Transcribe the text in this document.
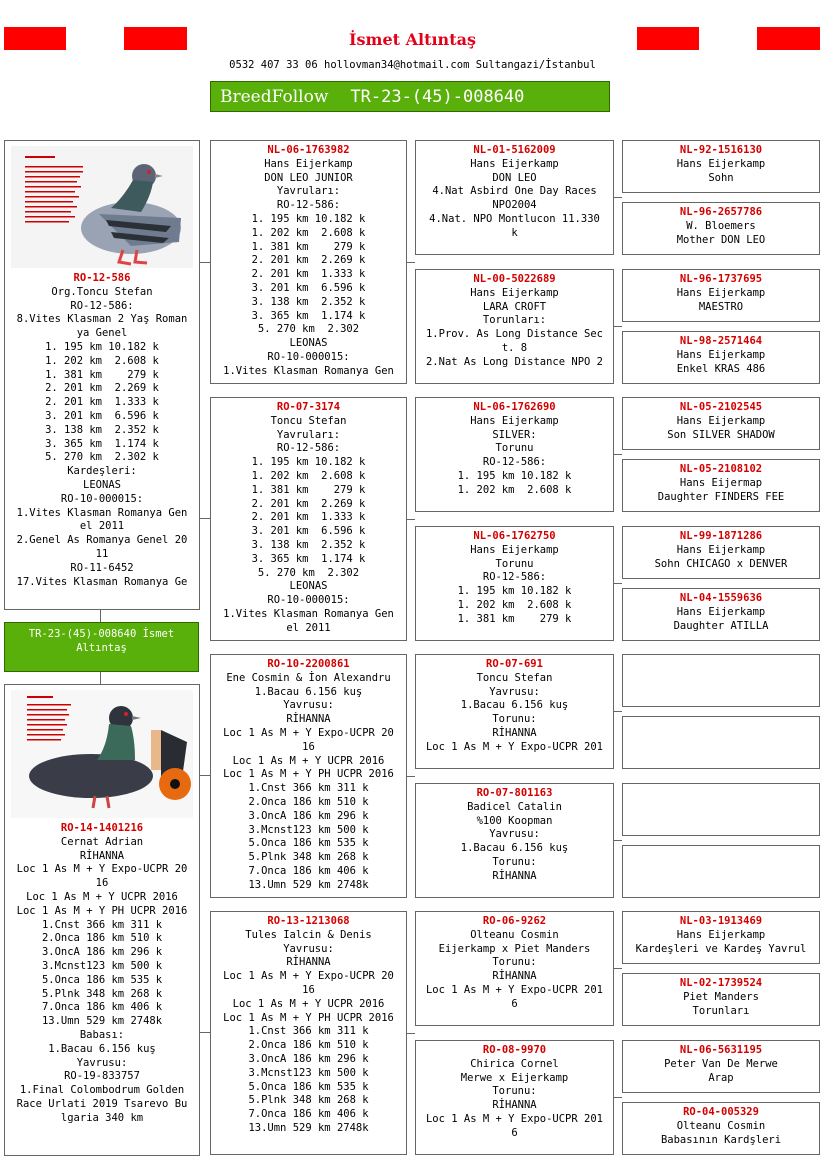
İsmet Altıntaş
0532 407 33 06 hollovman34@hotmail.com Sultangazi/İstanbul
BreedFollow TR-23-(45)-008640
RO-12-586
Org.Toncu Stefan
RO-12-586:
8.Vites Klasman 2 Yaş Roman
ya Genel
1. 195 km 10.182 k
1. 202 km  2.608 k
1. 381 km    279 k
2. 201 km  2.269 k
2. 201 km  1.333 k
3. 201 km  6.596 k
3. 138 km  2.352 k
3. 365 km  1.174 k
5. 270 km  2.302 k
Kardeşleri:
LEONAS
RO-10-000015:
1.Vites Klasman Romanya Gen
el 2011
2.Genel As Romanya Genel 20
11
RO-11-6452
17.Vites Klasman Romanya Ge
TR-23-(45)-008640 İsmet Altıntaş
RO-14-1401216
Cernat Adrian
RİHANNA
Loc 1 As M + Y Expo-UCPR 20
16
Loc 1 As M + Y UCPR 2016
Loc 1 As M + Y PH UCPR 2016
1.Cnst 366 km 311 k
2.Onca 186 km 510 k
3.OncA 186 km 296 k
3.Mcnst123 km 500 k
5.Onca 186 km 535 k
5.Plnk 348 km 268 k
7.Onca 186 km 406 k
13.Umn 529 km 2748k
Babası:
1.Bacau 6.156 kuş
Yavrusu:
RO-19-833757
1.Final Colombodrum Golden
Race Urlati 2019 Tsarevo Bu
lgaria 340 km
NL-06-1763982
Hans Eijerkamp
DON LEO JUNIOR
Yavruları:
RO-12-586:
1. 195 km 10.182 k
1. 202 km  2.608 k
1. 381 km    279 k
2. 201 km  2.269 k
2. 201 km  1.333 k
3. 201 km  6.596 k
3. 138 km  2.352 k
3. 365 km  1.174 k
5. 270 km  2.302
LEONAS
RO-10-000015:
1.Vites Klasman Romanya Gen
RO-07-3174
Toncu Stefan
Yavruları:
RO-12-586:
1. 195 km 10.182 k
1. 202 km  2.608 k
1. 381 km    279 k
2. 201 km  2.269 k
2. 201 km  1.333 k
3. 201 km  6.596 k
3. 138 km  2.352 k
3. 365 km  1.174 k
5. 270 km  2.302
LEONAS
RO-10-000015:
1.Vites Klasman Romanya Gen
el 2011
RO-10-2200861
Ene Cosmin & İon Alexandru
1.Bacau 6.156 kuş
Yavrusu:
RİHANNA
Loc 1 As M + Y Expo-UCPR 20
16
Loc 1 As M + Y UCPR 2016
Loc 1 As M + Y PH UCPR 2016
1.Cnst 366 km 311 k
2.Onca 186 km 510 k
3.OncA 186 km 296 k
3.Mcnst123 km 500 k
5.Onca 186 km 535 k
5.Plnk 348 km 268 k
7.Onca 186 km 406 k
13.Umn 529 km 2748k
RO-13-1213068
Tules Ialcin & Denis
Yavrusu:
RİHANNA
Loc 1 As M + Y Expo-UCPR 20
16
Loc 1 As M + Y UCPR 2016
Loc 1 As M + Y PH UCPR 2016
1.Cnst 366 km 311 k
2.Onca 186 km 510 k
3.OncA 186 km 296 k
3.Mcnst123 km 500 k
5.Onca 186 km 535 k
5.Plnk 348 km 268 k
7.Onca 186 km 406 k
13.Umn 529 km 2748k
NL-01-5162009
Hans Eijerkamp
DON LEO
4.Nat Asbird One Day Races
NPO2004
4.Nat. NPO Montlucon 11.330
k
NL-00-5022689
Hans Eijerkamp
LARA CROFT
Torunları:
1.Prov. As Long Distance Sec
t. 8
2.Nat As Long Distance NPO 2
NL-06-1762690
Hans Eijerkamp
SILVER:
Torunu
RO-12-586:
1. 195 km 10.182 k
1. 202 km  2.608 k
NL-06-1762750
Hans Eijerkamp
Torunu
RO-12-586:
1. 195 km 10.182 k
1. 202 km  2.608 k
1. 381 km    279 k
RO-07-691
Toncu Stefan
Yavrusu:
1.Bacau 6.156 kuş
Torunu:
RİHANNA
Loc 1 As M + Y Expo-UCPR 201
RO-07-801163
Badicel Catalin
%100 Koopman
Yavrusu:
1.Bacau 6.156 kuş
Torunu:
RİHANNA
RO-06-9262
Olteanu Cosmin
Eijerkamp x Piet Manders
Torunu:
RİHANNA
Loc 1 As M + Y Expo-UCPR 201
6
RO-08-9970
Chirica Cornel
Merwe x Eijerkamp
Torunu:
RİHANNA
Loc 1 As M + Y Expo-UCPR 201
6
NL-92-1516130
Hans Eijerkamp
Sohn
NL-96-2657786
W. Bloemers
Mother DON LEO
NL-96-1737695
Hans Eijerkamp
MAESTRO
NL-98-2571464
Hans Eijerkamp
Enkel KRAS 486
NL-05-2102545
Hans Eijerkamp
Son SILVER SHADOW
NL-05-2108102
Hans Eijermap
Daughter FINDERS FEE
NL-99-1871286
Hans Eijerkamp
Sohn CHICAGO x DENVER
NL-04-1559636
Hans Eijerkamp
Daughter ATILLA
NL-03-1913469
Hans Eijerkamp
Kardeşleri ve Kardeş Yavrul
NL-02-1739524
Piet Manders
Torunları
NL-06-5631195
Peter Van De Merwe
Arap
RO-04-005329
Olteanu Cosmin
Babasının Kardşleri
